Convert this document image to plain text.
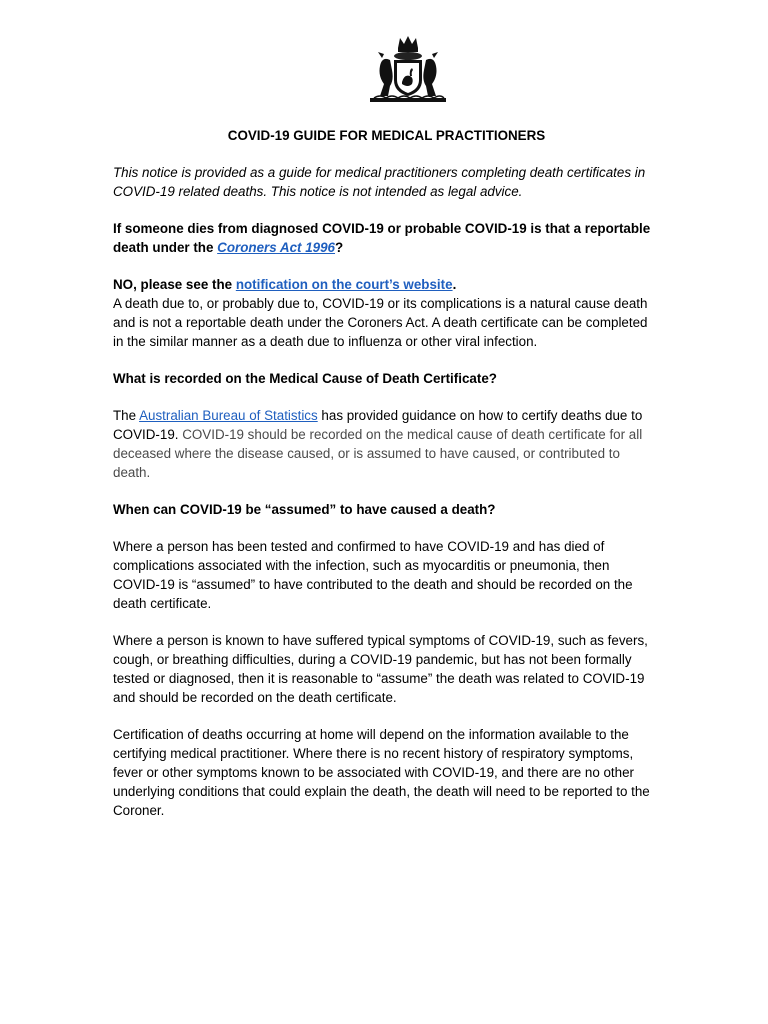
COVID-19 GUIDE FOR MEDICAL PRACTITIONERS

This notice is provided as a guide for medical practitioners completing death certificates in COVID-19 related deaths. This notice is not intended as legal advice.

If someone dies from diagnosed COVID-19 or probable COVID-19 is that a reportable death under the Coroners Act 1996?

NO, please see the notification on the court’s website.
A death due to, or probably due to, COVID-19 or its complications is a natural cause death and is not a reportable death under the Coroners Act. A death certificate can be completed in the similar manner as a death due to influenza or other viral infection.

What is recorded on the Medical Cause of Death Certificate?

The Australian Bureau of Statistics has provided guidance on how to certify deaths due to COVID-19. COVID-19 should be recorded on the medical cause of death certificate for all deceased where the disease caused, or is assumed to have caused, or contributed to death.

When can COVID-19 be “assumed” to have caused a death?

Where a person has been tested and confirmed to have COVID-19 and has died of complications associated with the infection, such as myocarditis or pneumonia, then COVID-19 is “assumed” to have contributed to the death and should be recorded on the death certificate.

Where a person is known to have suffered typical symptoms of COVID-19, such as fevers, cough, or breathing difficulties, during a COVID-19 pandemic, but has not been formally tested or diagnosed, then it is reasonable to “assume” the death was related to COVID-19 and should be recorded on the death certificate.

Certification of deaths occurring at home will depend on the information available to the certifying medical practitioner. Where there is no recent history of respiratory symptoms, fever or other symptoms known to be associated with COVID-19, and there are no other underlying conditions that could explain the death, the death will need to be reported to the Coroner.
